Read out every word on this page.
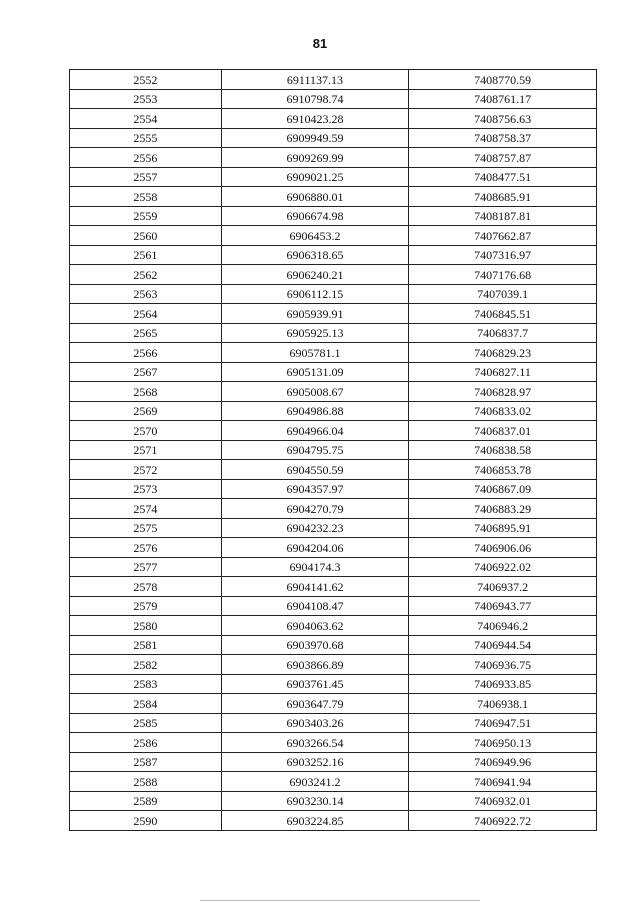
81
2552	6911137.13	7408770.59
2553	6910798.74	7408761.17
2554	6910423.28	7408756.63
2555	6909949.59	7408758.37
2556	6909269.99	7408757.87
2557	6909021.25	7408477.51
2558	6906880.01	7408685.91
2559	6906674.98	7408187.81
2560	6906453.2	7407662.87
2561	6906318.65	7407316.97
2562	6906240.21	7407176.68
2563	6906112.15	7407039.1
2564	6905939.91	7406845.51
2565	6905925.13	7406837.7
2566	6905781.1	7406829.23
2567	6905131.09	7406827.11
2568	6905008.67	7406828.97
2569	6904986.88	7406833.02
2570	6904966.04	7406837.01
2571	6904795.75	7406838.58
2572	6904550.59	7406853.78
2573	6904357.97	7406867.09
2574	6904270.79	7406883.29
2575	6904232.23	7406895.91
2576	6904204.06	7406906.06
2577	6904174.3	7406922.02
2578	6904141.62	7406937.2
2579	6904108.47	7406943.77
2580	6904063.62	7406946.2
2581	6903970.68	7406944.54
2582	6903866.89	7406936.75
2583	6903761.45	7406933.85
2584	6903647.79	7406938.1
2585	6903403.26	7406947.51
2586	6903266.54	7406950.13
2587	6903252.16	7406949.96
2588	6903241.2	7406941.94
2589	6903230.14	7406932.01
2590	6903224.85	7406922.72
